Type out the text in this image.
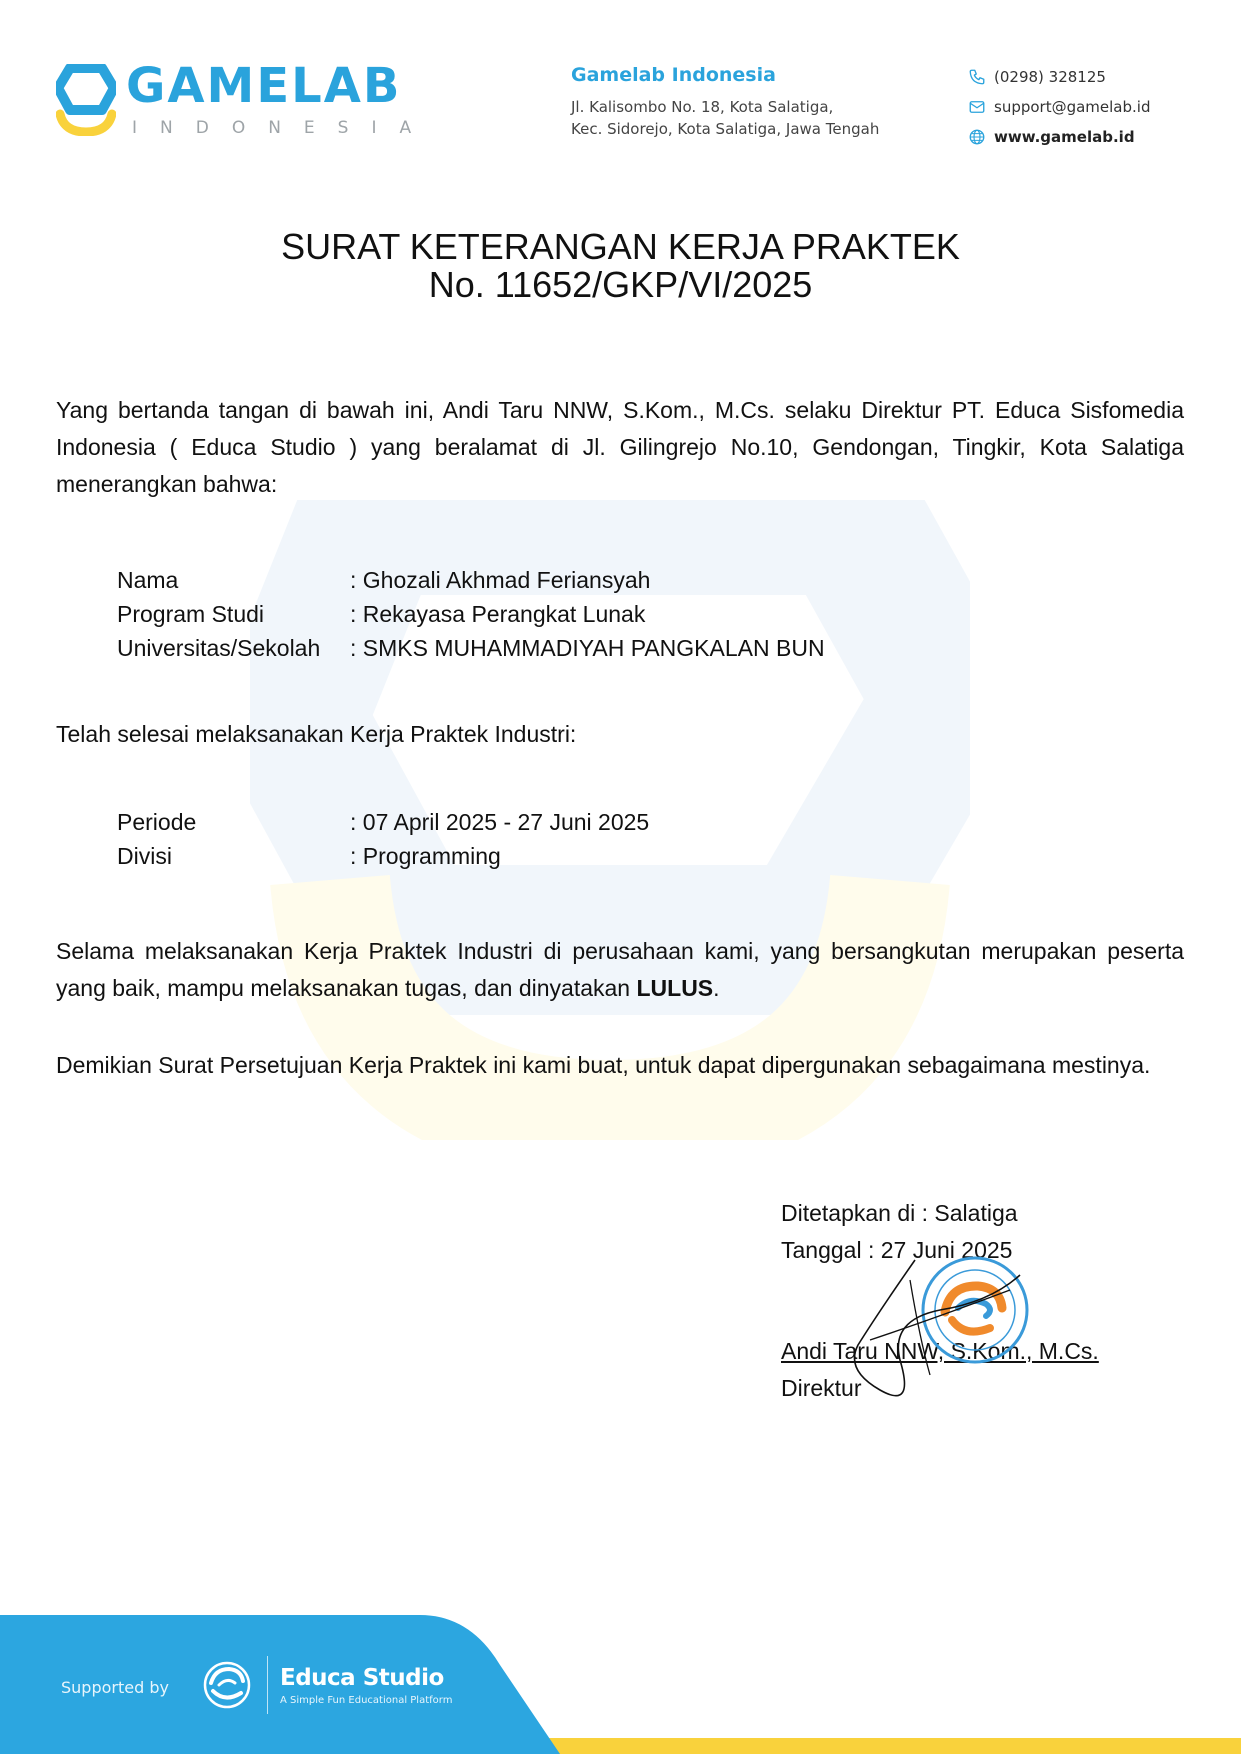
GAMELAB
INDONESIA
Gamelab Indonesia
Jl. Kalisombo No. 18, Kota Salatiga,
Kec. Sidorejo, Kota Salatiga, Jawa Tengah
(0298) 328125
support@gamelab.id
www.gamelab.id
SURAT KETERANGAN KERJA PRAKTEK
No. 11652/GKP/VI/2025
Yang bertanda tangan di bawah ini, Andi Taru NNW, S.Kom., M.Cs. selaku Direktur PT. Educa Sisfomedia Indonesia ( Educa Studio ) yang beralamat di Jl. Gilingrejo No.10, Gendongan, Tingkir, Kota Salatiga menerangkan bahwa:
Nama	: Ghozali Akhmad Feriansyah
Program Studi	: Rekayasa Perangkat Lunak
Universitas/Sekolah	: SMKS MUHAMMADIYAH PANGKALAN BUN
Telah selesai melaksanakan Kerja Praktek Industri:
Periode	: 07 April 2025 - 27 Juni 2025
Divisi	: Programming
Selama melaksanakan Kerja Praktek Industri di perusahaan kami, yang bersangkutan merupakan peserta yang baik, mampu melaksanakan tugas, dan dinyatakan LULUS.
Demikian Surat Persetujuan Kerja Praktek ini kami buat, untuk dapat dipergunakan sebagaimana mestinya.
Ditetapkan di : Salatiga
Tanggal : 27 Juni 2025
Andi Taru NNW, S.Kom., M.Cs.
Direktur
Supported by	Educa Studio
A Simple Fun Educational Platform
